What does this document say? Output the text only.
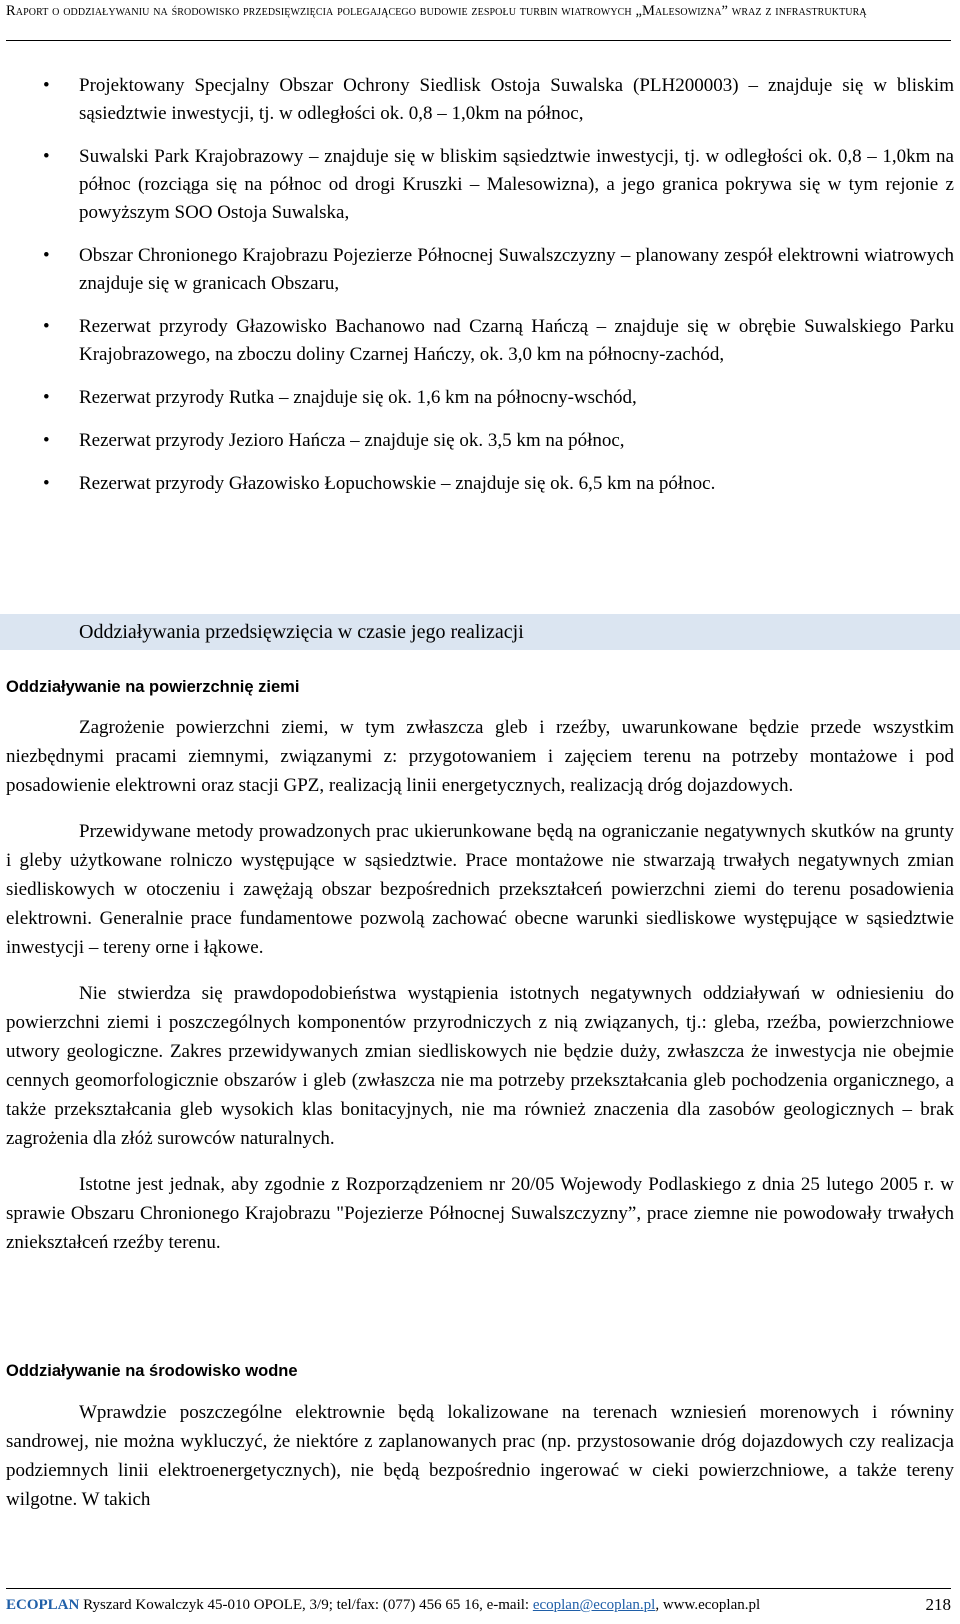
Raport o oddziaływaniu na środowisko przedsięwzięcia polegającego budowie zespołu turbin wiatrowych „Malesowizna” wraz z infrastrukturą
• Projektowany Specjalny Obszar Ochrony Siedlisk Ostoja Suwalska (PLH200003) – znajduje się w bliskim sąsiedztwie inwestycji, tj. w odległości ok. 0,8 – 1,0km na północ,
• Suwalski Park Krajobrazowy – znajduje się w bliskim sąsiedztwie inwestycji, tj. w odległości ok. 0,8 – 1,0km na północ (rozciąga się na północ od drogi Kruszki – Malesowizna), a jego granica pokrywa się w tym rejonie z powyższym SOO Ostoja Suwalska,
• Obszar Chronionego Krajobrazu Pojezierze Północnej Suwalszczyzny – planowany zespół elektrowni wiatrowych znajduje się w granicach Obszaru,
• Rezerwat przyrody Głazowisko Bachanowo nad Czarną Hańczą – znajduje się w obrębie Suwalskiego Parku Krajobrazowego, na zboczu doliny Czarnej Hańczy, ok. 3,0 km na północny-zachód,
• Rezerwat przyrody Rutka – znajduje się ok. 1,6 km na północny-wschód,
• Rezerwat przyrody Jezioro Hańcza – znajduje się ok. 3,5 km na północ,
• Rezerwat przyrody Głazowisko Łopuchowskie – znajduje się ok. 6,5 km na północ.
Oddziaływania przedsięwzięcia w czasie jego realizacji
Oddziaływanie na powierzchnię ziemi

Zagrożenie powierzchni ziemi, w tym zwłaszcza gleb i rzeźby, uwarunkowane będzie przede wszystkim niezbędnymi pracami ziemnymi, związanymi z: przygotowaniem i zajęciem terenu na potrzeby montażowe i pod posadowienie elektrowni oraz stacji GPZ, realizacją linii energetycznych, realizacją dróg dojazdowych.

Przewidywane metody prowadzonych prac ukierunkowane będą na ograniczanie negatywnych skutków na grunty i gleby użytkowane rolniczo występujące w sąsiedztwie. Prace montażowe nie stwarzają trwałych negatywnych zmian siedliskowych w otoczeniu i zawężają obszar bezpośrednich przekształceń powierzchni ziemi do terenu posadowienia elektrowni. Generalnie prace fundamentowe pozwolą zachować obecne warunki siedliskowe występujące w sąsiedztwie inwestycji – tereny orne i łąkowe.

Nie stwierdza się prawdopodobieństwa wystąpienia istotnych negatywnych oddziaływań w odniesieniu do powierzchni ziemi i poszczególnych komponentów przyrodniczych z nią związanych, tj.: gleba, rzeźba, powierzchniowe utwory geologiczne. Zakres przewidywanych zmian siedliskowych nie będzie duży, zwłaszcza że inwestycja nie obejmie cennych geomorfologicznie obszarów i gleb (zwłaszcza nie ma potrzeby przekształcania gleb pochodzenia organicznego, a także przekształcania gleb wysokich klas bonitacyjnych, nie ma również znaczenia dla zasobów geologicznych – brak zagrożenia dla złóż surowców naturalnych.

Istotne jest jednak, aby zgodnie z Rozporządzeniem nr 20/05 Wojewody Podlaskiego z dnia 25 lutego 2005 r. w sprawie Obszaru Chronionego Krajobrazu "Pojezierze Północnej Suwalszczyzny”, prace ziemne nie powodowały trwałych zniekształceń rzeźby terenu.

Oddziaływanie na środowisko wodne

Wprawdzie poszczególne elektrownie będą lokalizowane na terenach wzniesień morenowych i równiny sandrowej, nie można wykluczyć, że niektóre z zaplanowanych prac (np. przystosowanie dróg dojazdowych czy realizacja podziemnych linii elektroenergetycznych), nie będą bezpośrednio ingerować w cieki powierzchniowe, a także tereny wilgotne. W takich

ECOPLAN Ryszard Kowalczyk 45-010 OPOLE, 3/9; tel/fax: (077) 456 65 16, e-mail: ecoplan@ecoplan.pl, www.ecoplan.pl	218
